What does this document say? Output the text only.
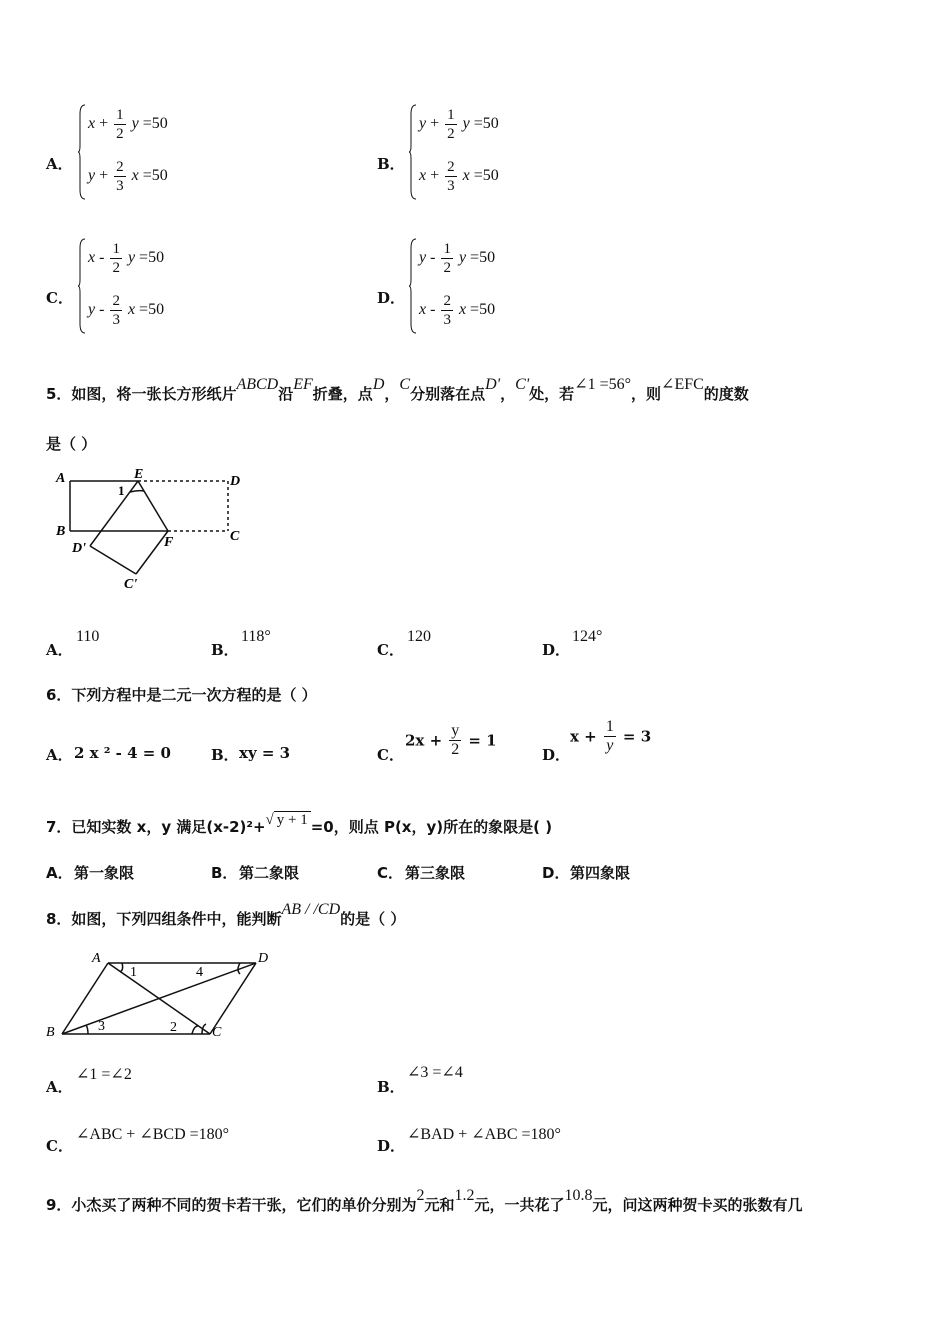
A．
$x + \frac{1}{2}$ y =50
$y + \frac{2}{3}$ x =50
B．
$y + \frac{1}{2}$ y =50
$x + \frac{2}{3}$ x =50
C．
x - $\frac{1}{2}$ y =50
y - $\frac{2}{3}$ x =50
D．
y - $\frac{1}{2}$ y =50
x - $\frac{2}{3}$ x =50
5．如图，将一张长方形纸片ABCD沿EF折叠，点D，C分别落在点D'，C'处，若∠1 =56°，则∠EFC的度数
是（ ）
A
B
E	D
C
F
D'
C'
1
A．
110
B．
118°
C．
120
D．
124°
6．下列方程中是二元一次方程的是（ ）
A． 2 x ² - 4 = 0	B． xy = 3	C．
$2x + \frac{y}{2} = 1$
D．
$x + \frac{1}{y} = 3$
7．已知实数 x，y 满足(x-2)²+√ y + 1 =0，则点 P(x，y)所在的象限是( )
A． 第一象限	B． 第二象限	C． 第三象限	D． 第四象限
8．如图，下列四组条件中，能判断AB / /CD的是（ ）
A	D
B	C
1	4
3	2
A．
∠1 =∠2
B．
∠3 =∠4
C．
∠ABC + ∠BCD =180°
D．
∠BAD + ∠ABC =180°
9．小杰买了两种不同的贺卡若干张，它们的单价分别为2元和1.2元，一共花了10.8元，问这两种贺卡买的张数有几
